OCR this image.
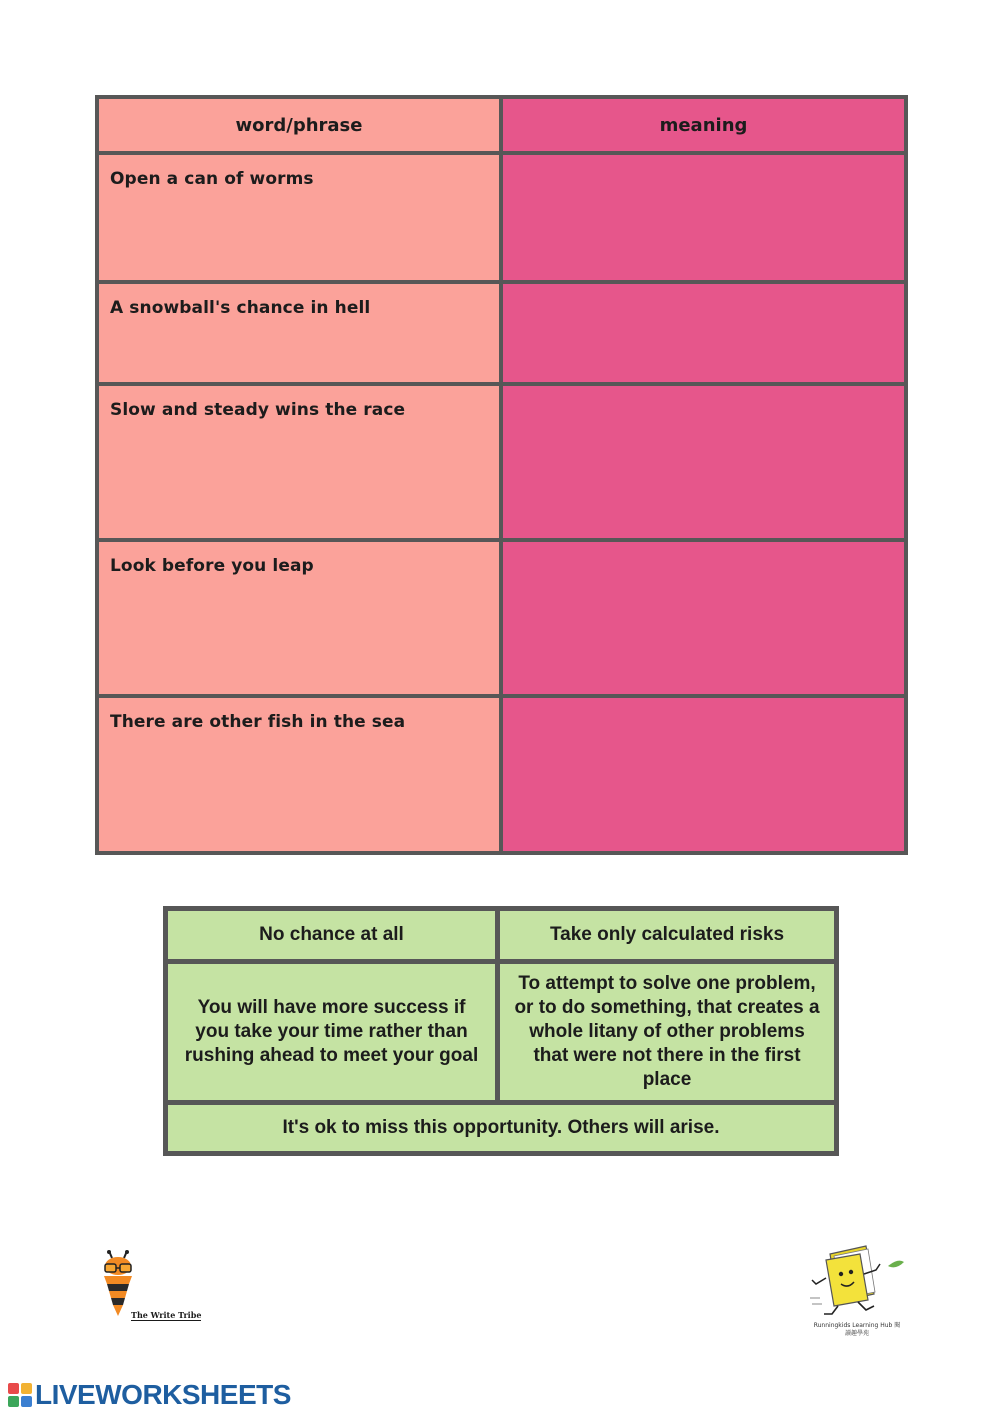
word/phrase	meaning

Open a can of worms	

A snowball's chance in hell	

Slow and steady wins the race	

Look before you leap	

There are other fish in the sea	

No chance at all	Take only calculated risks
You will have more success if you take your time rather than rushing ahead to meet your goal	To attempt to solve one problem, or to do something, that creates a whole litany of other problems that were not there in the first place
It's ok to miss this opportunity. Others will arise.	
The Write Tribe
Runningkids Learning Hub 閱讀趣學苑
LIVEWORKSHEETS
